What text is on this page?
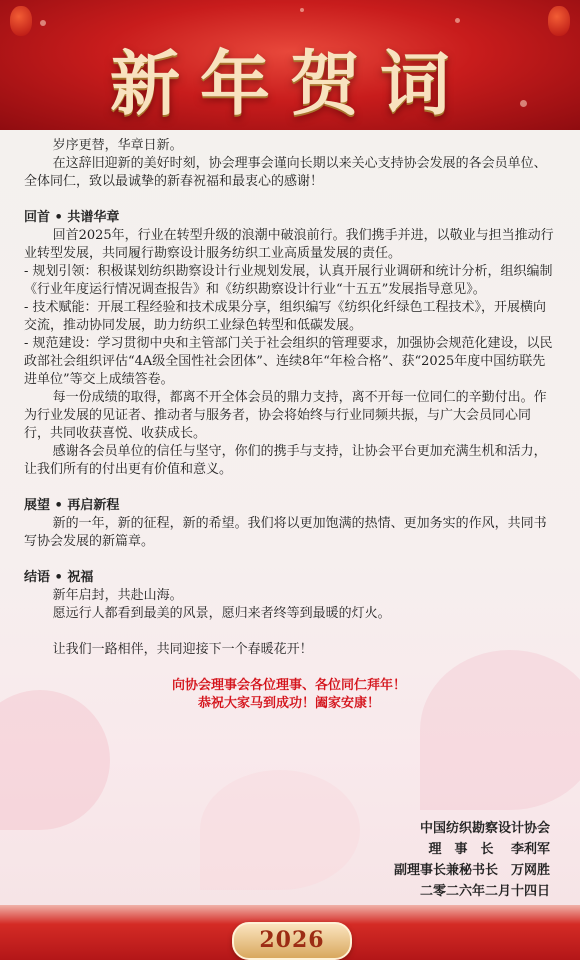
新年贺词

岁序更替，华章日新。

在这辞旧迎新的美好时刻，协会理事会谨向长期以来关心支持协会发展的各会员单位、全体同仁，致以最诚挚的新春祝福和最衷心的感谢！

回首 • 共谱华章

回首2025年，行业在转型升级的浪潮中破浪前行。我们携手并进，以敬业与担当推动行业转型发展，共同履行勘察设计服务纺织工业高质量发展的责任。

- 规划引领：积极谋划纺织勘察设计行业规划发展，认真开展行业调研和统计分析，组织编制《行业年度运行情况调查报告》和《纺织勘察设计行业“十五五”发展指导意见》。

- 技术赋能：开展工程经验和技术成果分享，组织编写《纺织化纤绿色工程技术》，开展横向交流，推动协同发展，助力纺织工业绿色转型和低碳发展。

- 规范建设：学习贯彻中央和主管部门关于社会组织的管理要求，加强协会规范化建设，以民政部社会组织评估“4A级全国性社会团体”、连续8年“年检合格”、获“2025年度中国纺联先进单位”等交上成绩答卷。

每一份成绩的取得，都离不开全体会员的鼎力支持，离不开每一位同仁的辛勤付出。作为行业发展的见证者、推动者与服务者，协会将始终与行业同频共振，与广大会员同心同行，共同收获喜悦、收获成长。

感谢各会员单位的信任与坚守，你们的携手与支持，让协会平台更加充满生机和活力，让我们所有的付出更有价值和意义。

展望 • 再启新程

新的一年，新的征程，新的希望。我们将以更加饱满的热情、更加务实的作风，共同书写协会发展的新篇章。

结语 • 祝福

新年启封，共赴山海。

愿远行人都看到最美的风景，愿归来者终等到最暖的灯火。

让我们一路相伴，共同迎接下一个春暖花开！

向协会理事会各位理事、各位同仁拜年！

恭祝大家马到成功！阖家安康！

中国纺织勘察设计协会

理　事　长　 李利军

副理事长兼秘书长　万网胜

二零二六年二月十四日

2026
